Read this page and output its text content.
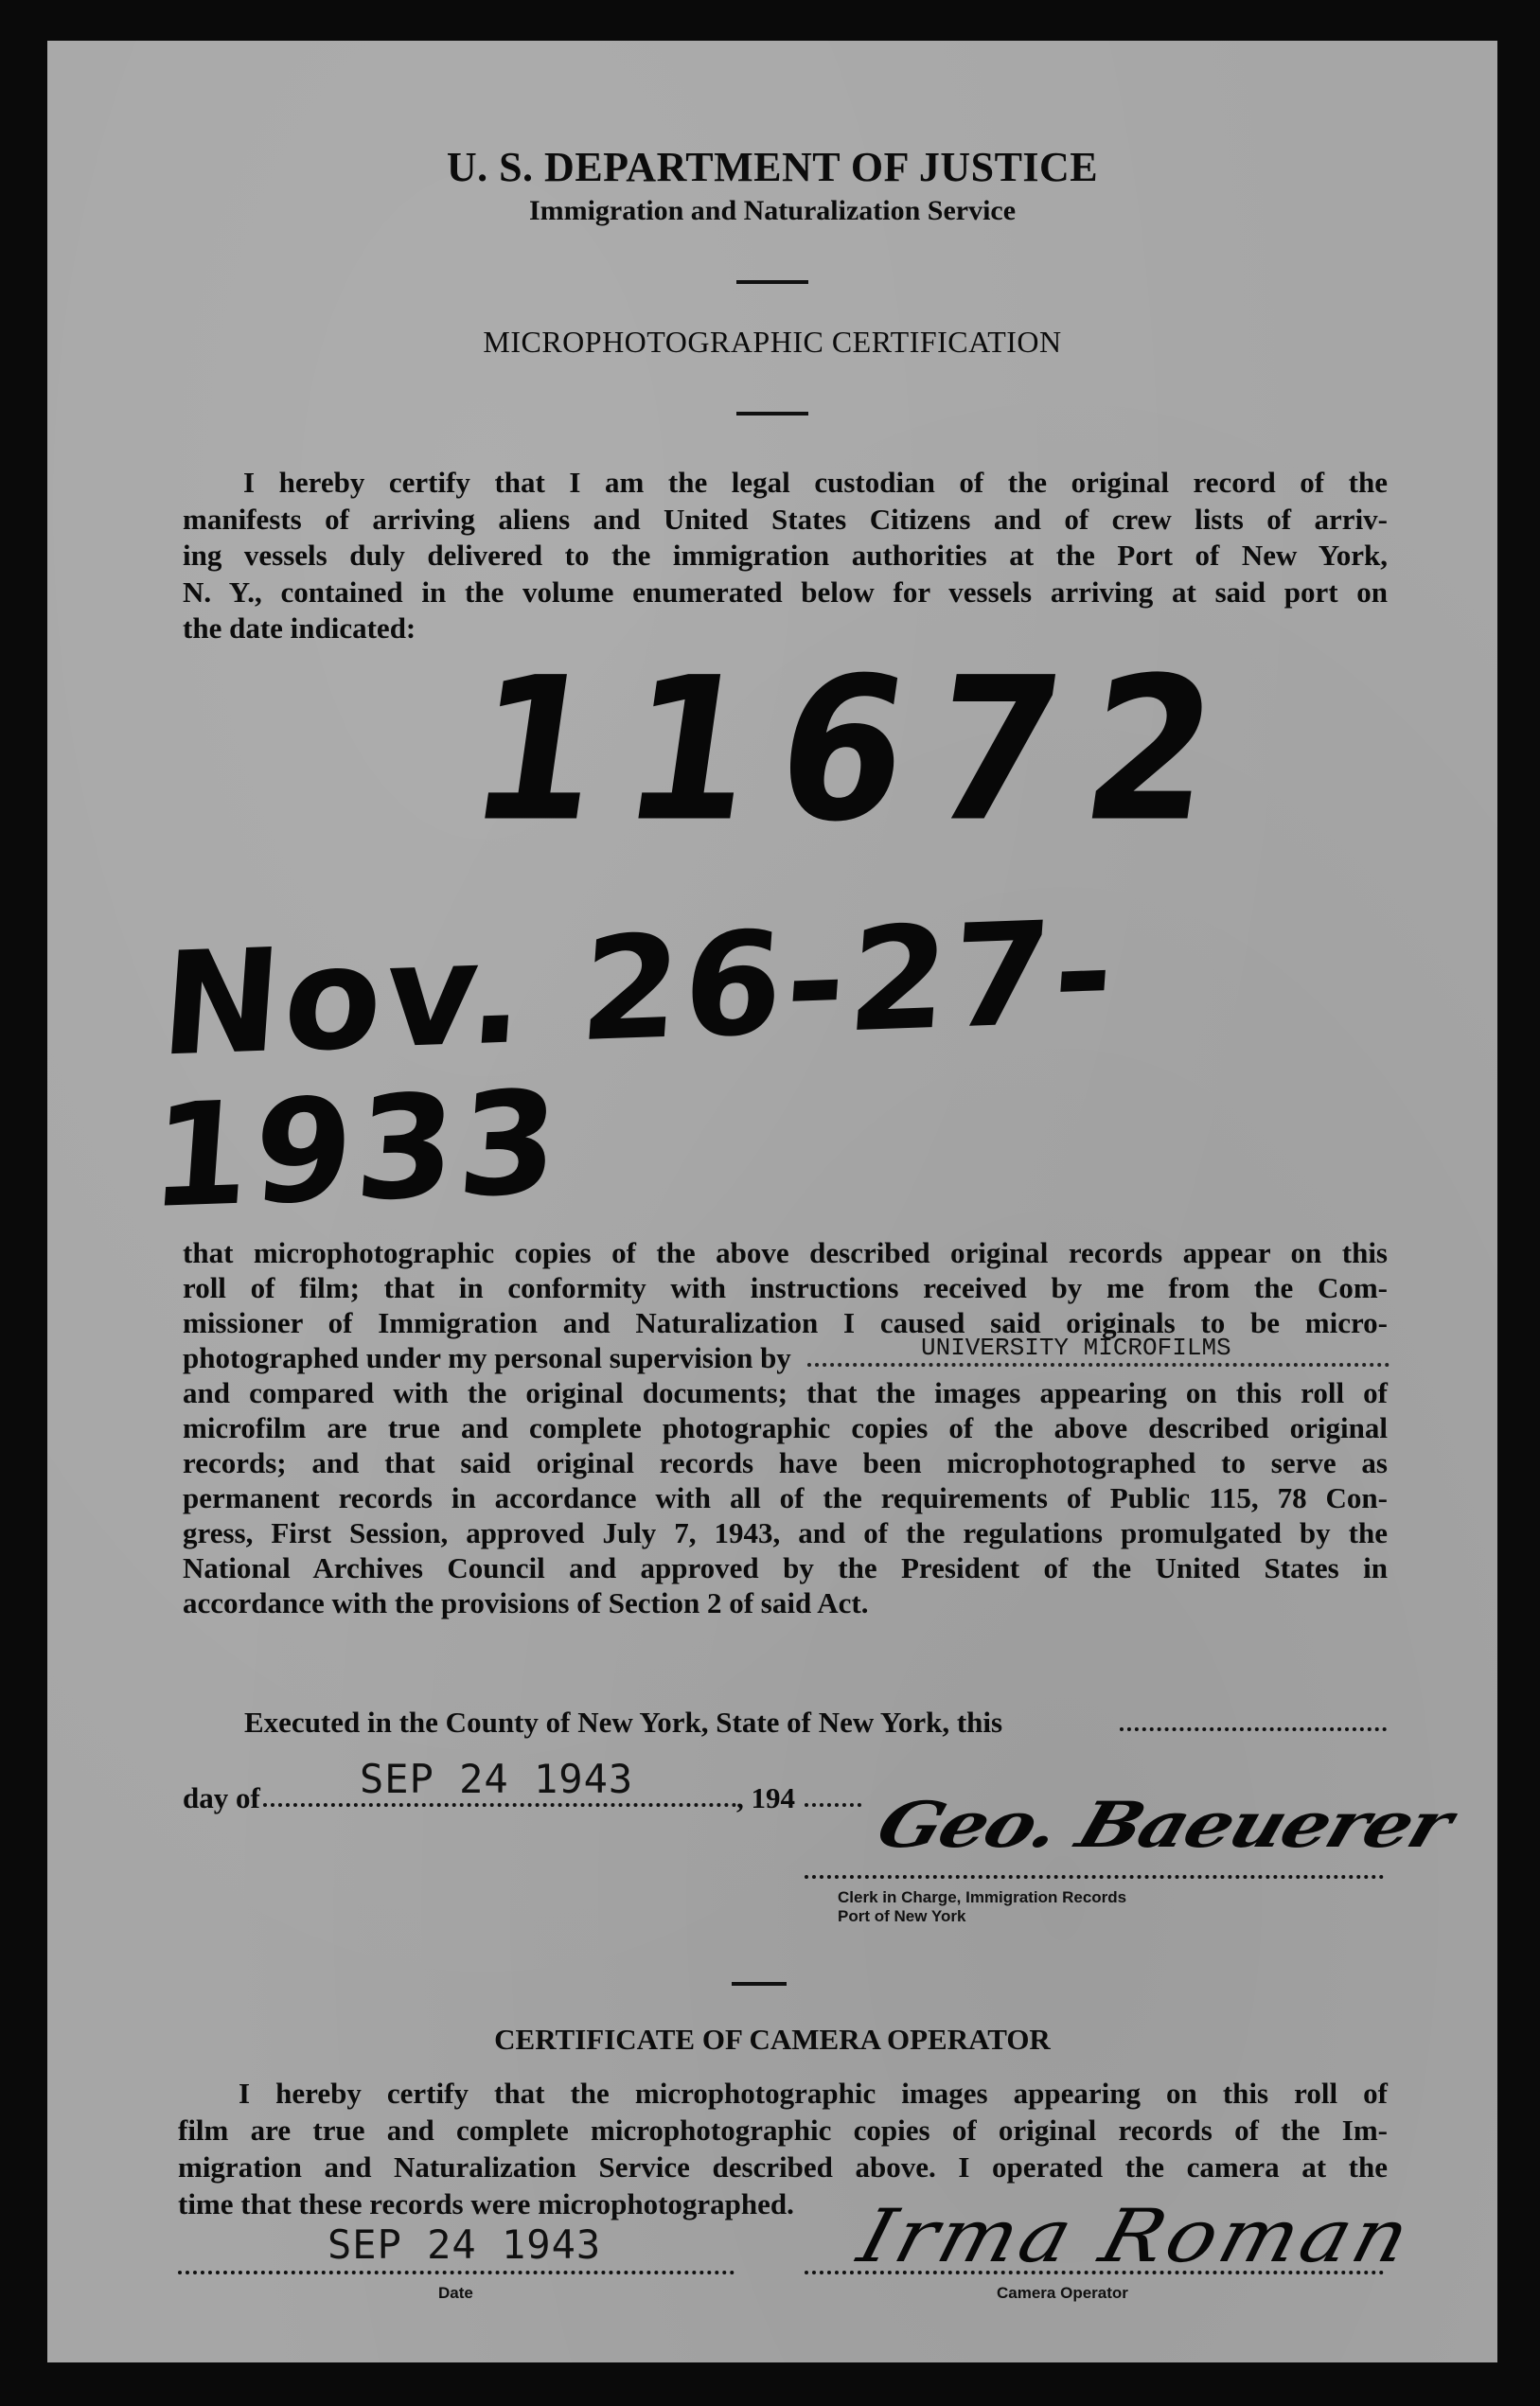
U. S. DEPARTMENT OF JUSTICE
Immigration and Naturalization Service
MICROPHOTOGRAPHIC CERTIFICATION
I hereby certify that I am the legal custodian of the original record of the
manifests of arriving aliens and United States Citizens and of crew lists of arriv-
ing vessels duly delivered to the immigration authorities at the Port of New York,
N. Y., contained in the volume enumerated below for vessels arriving at said port on
the date indicated:
11672
Nov. 26-27-1933
that microphotographic copies of the above described original records appear on this
roll of film; that in conformity with instructions received by me from the Com-
missioner of Immigration and Naturalization I caused said originals to be micro-
photographed under my personal supervision by	UNIVERSITY MICROFILMS
and compared with the original documents; that the images appearing on this roll of
microfilm are true and complete photographic copies of the above described original
records; and that said original records have been microphotographed to serve as
permanent records in accordance with all of the requirements of Public 115, 78 Con-
gress, First Session, approved July 7, 1943, and of the regulations promulgated by the
National Archives Council and approved by the President of the United States in
accordance with the provisions of Section 2 of said Act.
Executed in the County of New York, State of New York, this
day of	SEP 24 1943	, 194 Geo. Baeuerer
Clerk in Charge, Immigration Records
Port of New York
CERTIFICATE OF CAMERA OPERATOR
I hereby certify that the microphotographic images appearing on this roll of
film are true and complete microphotographic copies of original records of the Im-
migration and Naturalization Service described above. I operated the camera at the
time that these records were microphotographed.
SEP 24 1943
Date
Irma Roman
Camera Operator
